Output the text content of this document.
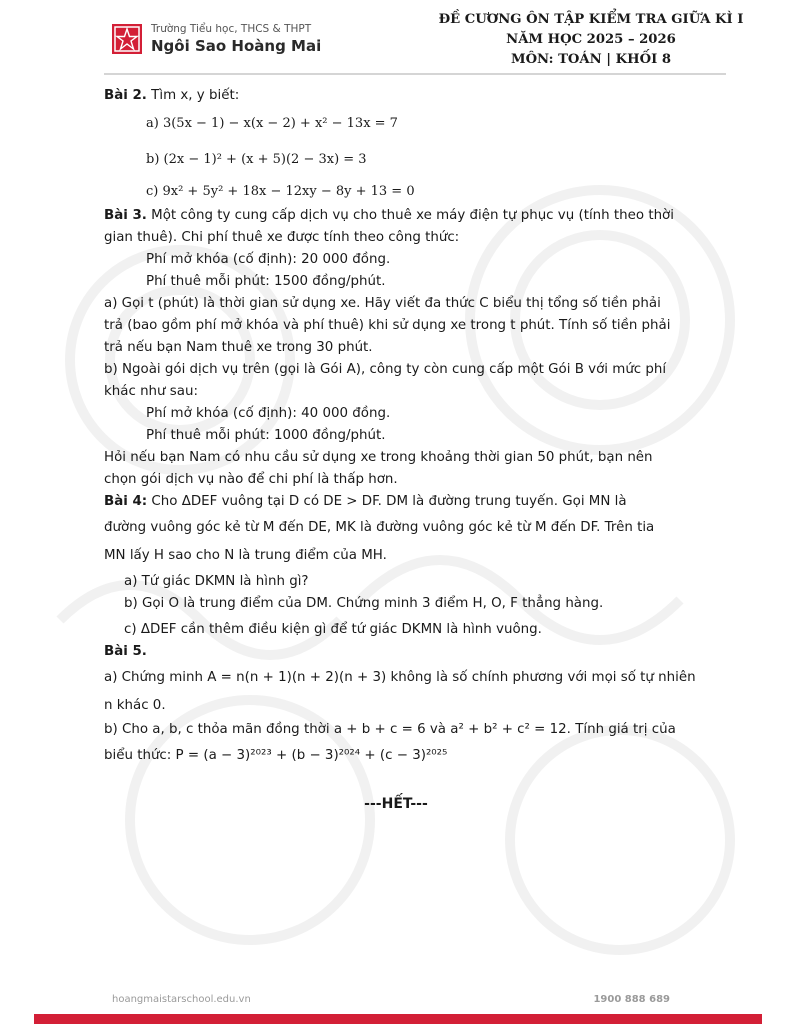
Trường Tiểu học, THCS & THPT
Ngôi Sao Hoàng Mai
ĐỀ CƯƠNG ÔN TẬP KIỂM TRA GIỮA KÌ I
NĂM HỌC 2025 – 2026
MÔN: TOÁN | KHỐI 8
Bài 2. Tìm x, y biết:
a) 3(5x − 1) − x(x − 2) + x² − 13x = 7
b) (2x − 1)² + (x + 5)(2 − 3x) = 3
c) 9x² + 5y² + 18x − 12xy − 8y + 13 = 0
Bài 3. Một công ty cung cấp dịch vụ cho thuê xe máy điện tự phục vụ (tính theo thời
gian thuê). Chi phí thuê xe được tính theo công thức:
Phí mở khóa (cố định): 20 000 đồng.
Phí thuê mỗi phút: 1500 đồng/phút.
a) Gọi t (phút) là thời gian sử dụng xe. Hãy viết đa thức C biểu thị tổng số tiền phải
trả (bao gồm phí mở khóa và phí thuê) khi sử dụng xe trong t phút. Tính số tiền phải
trả nếu bạn Nam thuê xe trong 30 phút.
b) Ngoài gói dịch vụ trên (gọi là Gói A), công ty còn cung cấp một Gói B với mức phí
khác như sau:
Phí mở khóa (cố định): 40 000 đồng.
Phí thuê mỗi phút: 1000 đồng/phút.
Hỏi nếu bạn Nam có nhu cầu sử dụng xe trong khoảng thời gian 50 phút, bạn nên
chọn gói dịch vụ nào để chi phí là thấp hơn.
Bài 4: Cho ΔDEF vuông tại D có DE > DF. DM là đường trung tuyến. Gọi MN là
đường vuông góc kẻ từ M đến DE, MK là đường vuông góc kẻ từ M đến DF. Trên tia
MN lấy H sao cho N là trung điểm của MH.
a) Tứ giác DKMN là hình gì?
b) Gọi O là trung điểm của DM. Chứng minh 3 điểm H, O, F thẳng hàng.
c) ΔDEF cần thêm điều kiện gì để tứ giác DKMN là hình vuông.
Bài 5.
a) Chứng minh A = n(n + 1)(n + 2)(n + 3) không là số chính phương với mọi số tự nhiên
n khác 0.
b) Cho a, b, c thỏa mãn đồng thời a + b + c = 6 và a² + b² + c² = 12. Tính giá trị của
biểu thức: P = (a − 3)²⁰²³ + (b − 3)²⁰²⁴ + (c − 3)²⁰²⁵
---HẾT---
hoangmaistarschool.edu.vn	1900 888 689
